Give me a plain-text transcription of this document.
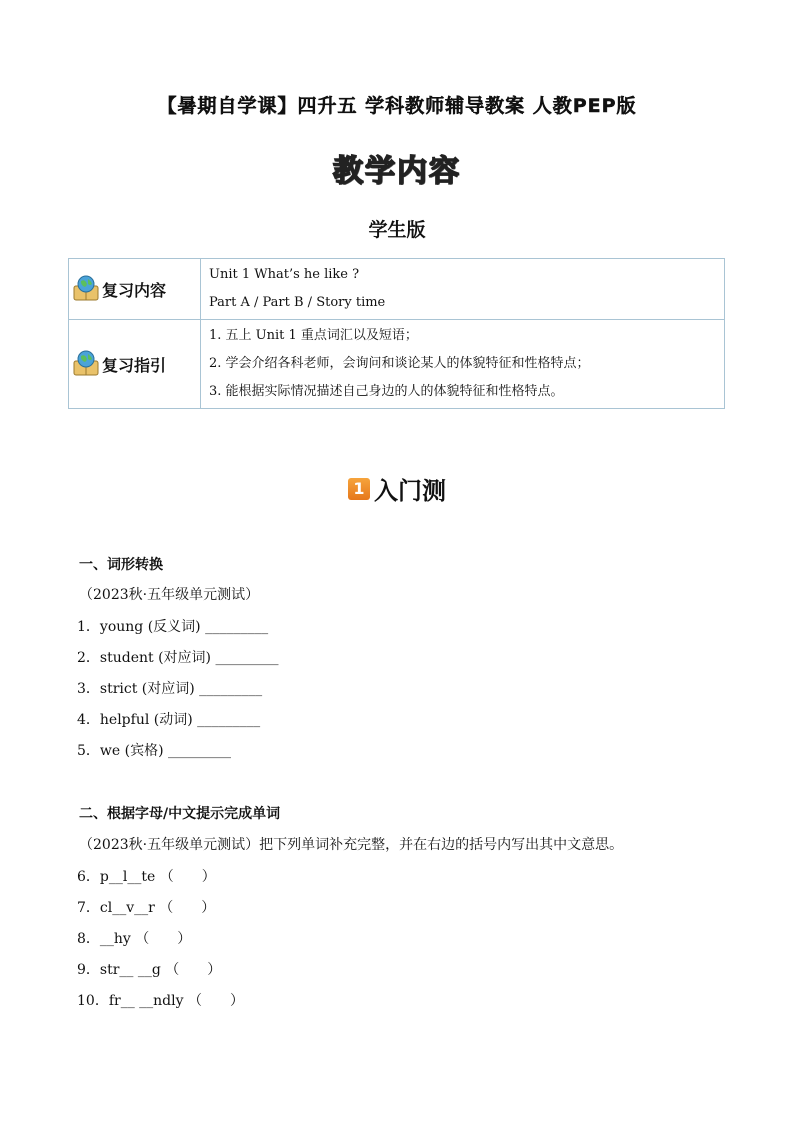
【暑期自学课】四升五 学科教师辅导教案 人教PEP版
教学内容
学生版
复习内容	Unit 1 What’s he like ?
Part A / Part B / Story time

复习指引	1. 五上 Unit 1 重点词汇以及短语；
2. 学会介绍各科老师，会询问和谈论某人的体貌特征和性格特点；
3. 能根据实际情况描述自己身边的人的体貌特征和性格特点。
1 入门测
一、词形转换
（2023秋·五年级单元测试）
1．young (反义词) _________
2．student (对应词) _________
3．strict (对应词) _________
4．helpful (动词) _________
5．we (宾格) _________
二、根据字母/中文提示完成单词
（2023秋·五年级单元测试）把下列单词补充完整，并在右边的括号内写出其中文意思。
6．p__l__te （　　）
7．cl__v__r （　　）
8．__hy （　　）
9．str__ __g （　　）
10．fr__ __ndly （　　）
